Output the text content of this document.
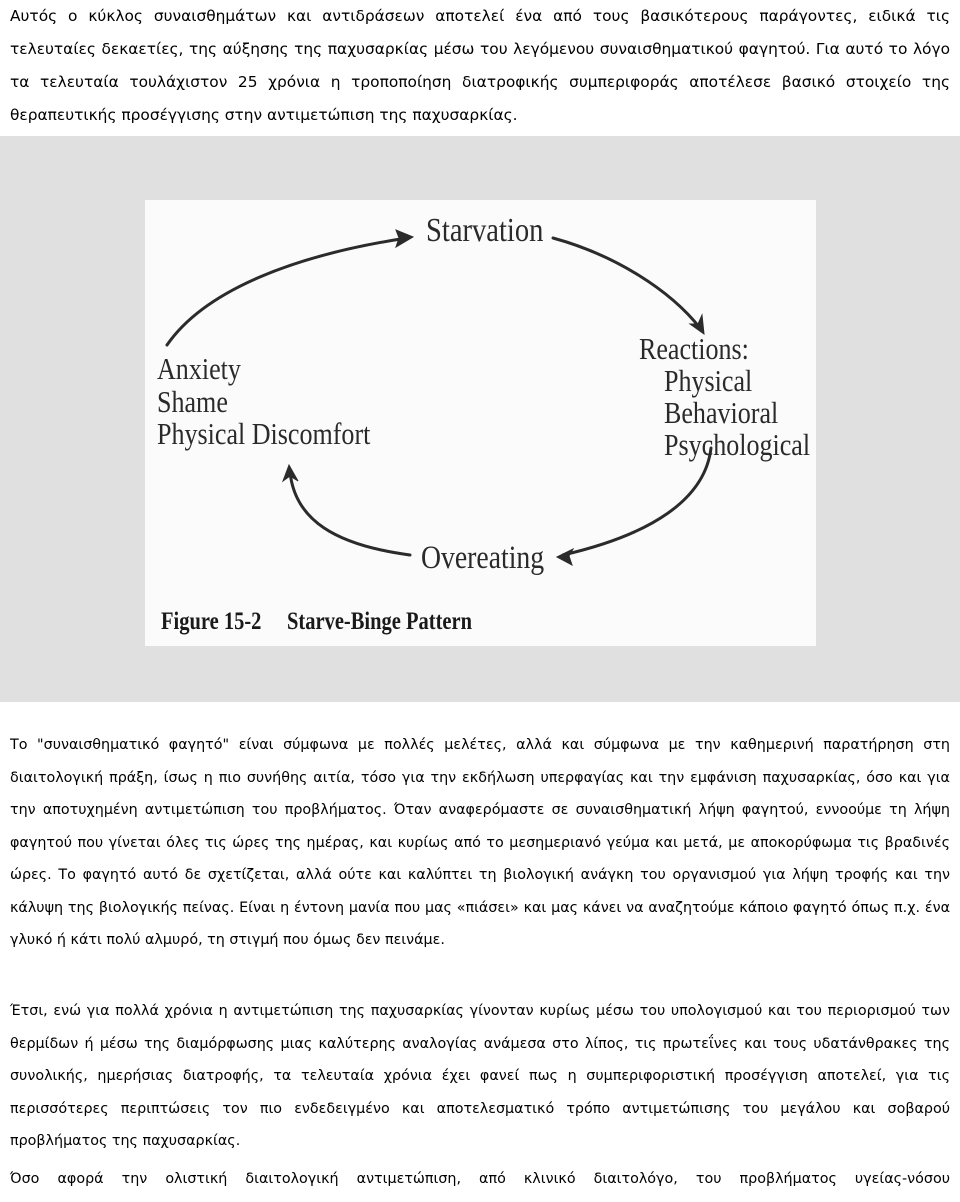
Αυτός ο κύκλος συναισθημάτων και αντιδράσεων αποτελεί ένα από τους βασικότερους παράγοντες, ειδικά τις τελευταίες δεκαετίες, της αύξησης της παχυσαρκίας μέσω του λεγόμενου συναισθηματικού φαγητού. Για αυτό το λόγο τα τελευταία τουλάχιστον 25 χρόνια η τροποποίηση διατροφικής συμπεριφοράς αποτέλεσε βασικό στοιχείο της θεραπευτικής προσέγγισης στην αντιμετώπιση της παχυσαρκίας.

Starvation
Reactions:
Physical
Behavioral
Psychological
Anxiety
Shame
Physical Discomfort
Overeating
Figure 15-2 Starve-Binge Pattern

Το "συναισθηματικό φαγητό" είναι σύμφωνα με πολλές μελέτες, αλλά και σύμφωνα με την καθημερινή παρατήρηση στη διαιτολογική πράξη, ίσως η πιο συνήθης αιτία, τόσο για την εκδήλωση υπερφαγίας και την εμφάνιση παχυσαρκίας, όσο και για την αποτυχημένη αντιμετώπιση του προβλήματος. Όταν αναφερόμαστε σε συναισθηματική λήψη φαγητού, εννοούμε τη λήψη φαγητού που γίνεται όλες τις ώρες της ημέρας, και κυρίως από το μεσημεριανό γεύμα και μετά, με αποκορύφωμα τις βραδινές ώρες. Το φαγητό αυτό δε σχετίζεται, αλλά ούτε και καλύπτει τη βιολογική ανάγκη του οργανισμού για λήψη τροφής και την κάλυψη της βιολογικής πείνας. Είναι η έντονη μανία που μας «πιάσει» και μας κάνει να αναζητούμε κάποιο φαγητό όπως π.χ. ένα γλυκό ή κάτι πολύ αλμυρό, τη στιγμή που όμως δεν πεινάμε.

Έτσι, ενώ για πολλά χρόνια η αντιμετώπιση της παχυσαρκίας γίνονταν κυρίως μέσω του υπολογισμού και του περιορισμού των θερμίδων ή μέσω της διαμόρφωσης μιας καλύτερης αναλογίας ανάμεσα στο λίπος, τις πρωτεΐνες και τους υδατάνθρακες της συνολικής, ημερήσιας διατροφής, τα τελευταία χρόνια έχει φανεί πως η συμπεριφοριστική προσέγγιση αποτελεί, για τις περισσότερες περιπτώσεις τον πιο ενδεδειγμένο και αποτελεσματικό τρόπο αντιμετώπισης του μεγάλου και σοβαρού προβλήματος της παχυσαρκίας.

Όσο αφορά την ολιστική διαιτολογική αντιμετώπιση, από κλινικό διαιτολόγο, του προβλήματος υγείας-νόσου
